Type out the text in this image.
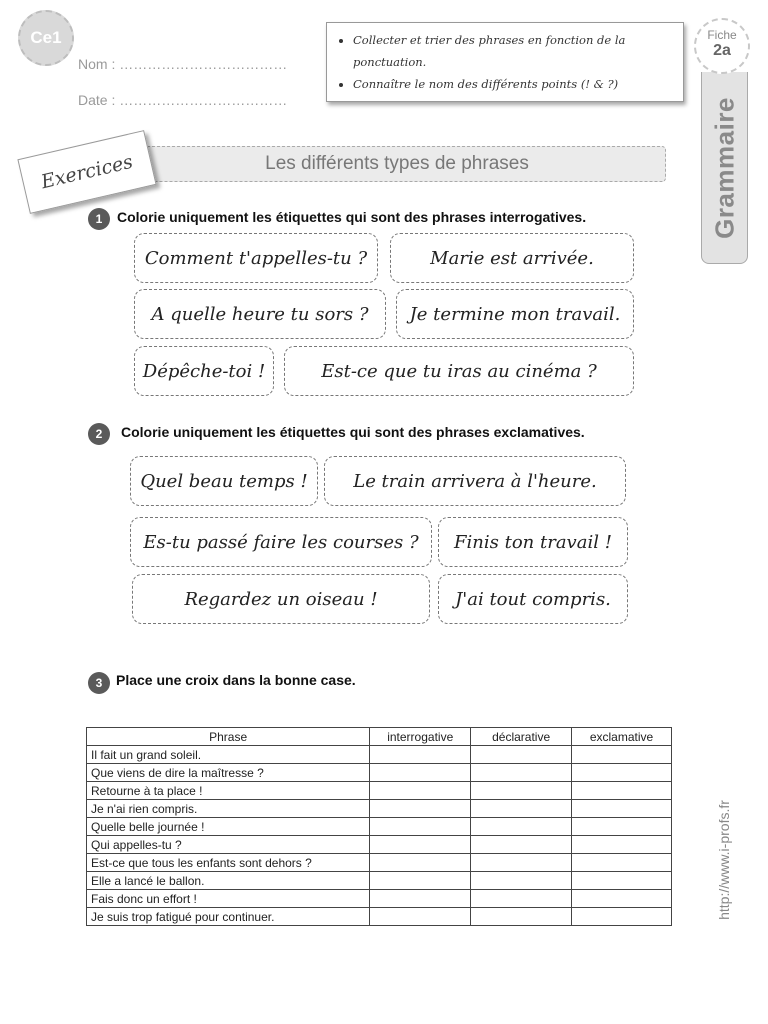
Ce1
Nom : ………………………………
Date : ………………………………
• Collecter et trier des phrases en fonction de la ponctuation.
• Connaître le nom des différents points (! & ?)
Grammaire
Fiche
2a
Les différents types de phrases
Exercices
1	Colorie uniquement les étiquettes qui sont des phrases interrogatives.
Comment t'appelles-tu ?	Marie est arrivée.
A quelle heure tu sors ?	Je termine mon travail.
Dépêche-toi !	Est-ce que tu iras au cinéma ?
2	Colorie uniquement les étiquettes qui sont des phrases exclamatives.
Quel beau temps !	Le train arrivera à l'heure.
Es-tu passé faire les courses ?	Finis ton travail !
Regardez un oiseau !	J'ai tout compris.
3 Place une croix dans la bonne case.
Phrase	interrogative	déclarative	exclamative
Il fait un grand soleil.			
Que viens de dire la maîtresse ?			
Retourne à ta place !			
Je n'ai rien compris.			
Quelle belle journée !			
Qui appelles-tu ?			
Est-ce que tous les enfants sont dehors ?			
Elle a lancé le ballon.			
Fais donc un effort !			
Je suis trop fatigué pour continuer.				http://www.i-profs.fr
